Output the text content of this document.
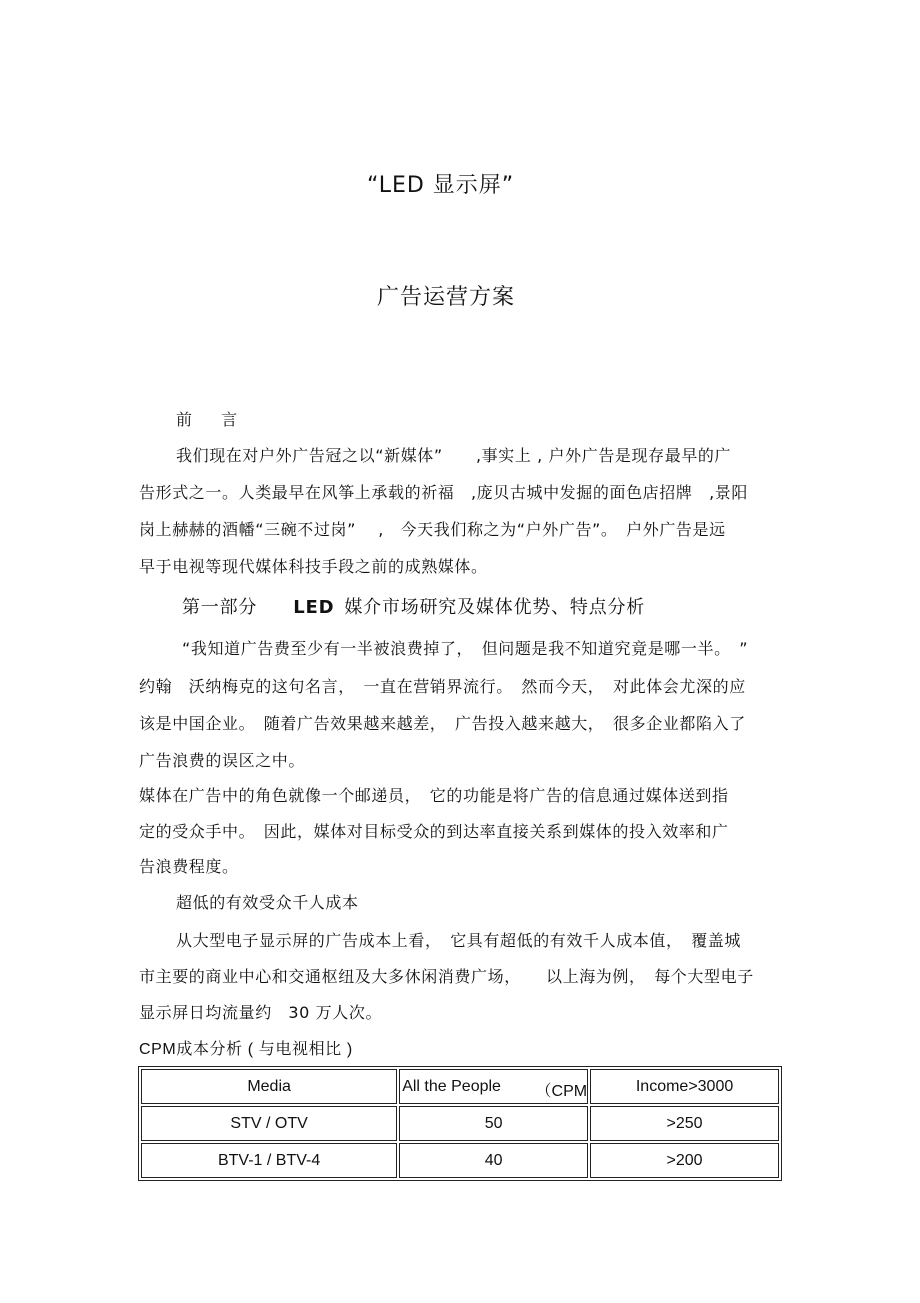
“LED 显示屏”
广告运营方案
前 言
我们现在对户外广告冠之以“新媒体”　　,事实上 , 户外广告是现存最早的广
告形式之一。人类最早在风筝上承载的祈福　,庞贝古城中发掘的面色店招牌　,景阳
岗上赫赫的酒幡“三碗不过岗”　 ,　今天我们称之为“户外广告”。　户外广告是远
早于电视等现代媒体科技手段之前的成熟媒体。
第一部分 LED 媒介市场研究及媒体优势、特点分析
“我知道广告费至少有一半被浪费掉了，　但问题是我不知道究竟是哪一半。　”
约翰　沃纳梅克的这句名言，　一直在营销界流行。　然而今天，　对此体会尤深的应
该是中国企业。　随着广告效果越来越差，　广告投入越来越大，　很多企业都陷入了
广告浪费的误区之中。
媒体在广告中的角色就像一个邮递员，　它的功能是将广告的信息通过媒体送到指
定的受众手中。　因此，媒体对目标受众的到达率直接关系到媒体的投入效率和广
告浪费程度。
超低的有效受众千人成本
从大型电子显示屏的广告成本上看，　它具有超低的有效千人成本值，　覆盖城
市主要的商业中心和交通枢纽及大多休闲消费广场，　　以上海为例，　每个大型电子
显示屏日均流量约　30 万人次。
CPM成本分析 ( 与电视相比 )
Media	All the People （CPM	Income>3000
STV / OTV	50	>250
BTV-1 / BTV-4	40	>200
